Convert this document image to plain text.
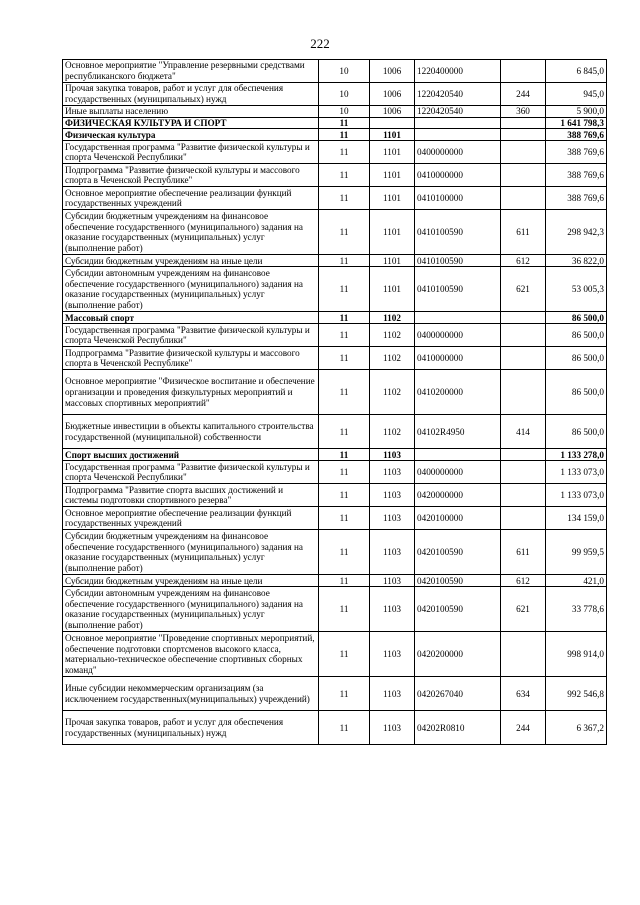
222
Основное мероприятие "Управление резервными средствами республиканского бюджета"	10	1006	1220400000		6 845,0
Прочая закупка товаров, работ и услуг для обеспечения государственных (муниципальных) нужд	10	1006	1220420540	244	945,0
Иные выплаты населению	10	1006	1220420540	360	5 900,0
ФИЗИЧЕСКАЯ КУЛЬТУРА И СПОРТ	11				1 641 798,3
Физическая культура	11	1101			388 769,6
Государственная программа "Развитие физической культуры и спорта Чеченской Республики"	11	1101	0400000000		388 769,6
Подпрограмма "Развитие физической культуры и массового спорта в Чеченской Республике"	11	1101	0410000000		388 769,6
Основное мероприятие обеспечение реализации функций государственных учреждений	11	1101	0410100000		388 769,6
Субсидии бюджетным учреждениям на финансовое обеспечение государственного (муниципального) задания на оказание государственных (муниципальных) услуг (выполнение работ)	11	1101	0410100590	611	298 942,3
Субсидии бюджетным учреждениям на иные цели	11	1101	0410100590	612	36 822,0
Субсидии автономным учреждениям на финансовое обеспечение государственного (муниципального) задания на оказание государственных (муниципальных) услуг (выполнение работ)	11	1101	0410100590	621	53 005,3
Массовый спорт	11	1102			86 500,0
Государственная программа "Развитие физической культуры и спорта Чеченской Республики"	11	1102	0400000000		86 500,0
Подпрограмма "Развитие физической культуры и массового спорта в Чеченской Республике"	11	1102	0410000000		86 500,0
Основное мероприятие "Физическое воспитание и обеспечение организации и проведения физкультурных мероприятий и массовых спортивных мероприятий"	11	1102	0410200000		86 500,0
Бюджетные инвестиции в объекты капитального строительства государственной (муниципальной) собственности	11	1102	04102R4950	414	86 500,0
Спорт высших достижений	11	1103			1 133 278,0
Государственная программа "Развитие физической культуры и спорта Чеченской Республики"	11	1103	0400000000		1 133 073,0
Подпрограмма "Развитие спорта высших достижений и системы подготовки спортивного резерва"	11	1103	0420000000		1 133 073,0
Основное мероприятие обеспечение реализации функций государственных учреждений	11	1103	0420100000		134 159,0
Субсидии бюджетным учреждениям на финансовое обеспечение государственного (муниципального) задания на оказание государственных (муниципальных) услуг (выполнение работ)	11	1103	0420100590	611	99 959,5
Субсидии бюджетным учреждениям на иные цели	11	1103	0420100590	612	421,0
Субсидии автономным учреждениям на финансовое обеспечение государственного (муниципального) задания на оказание государственных (муниципальных) услуг (выполнение работ)	11	1103	0420100590	621	33 778,6
Основное мероприятие "Проведение спортивных мероприятий, обеспечение подготовки спортсменов высокого класса, материально-техническое обеспечение спортивных сборных команд"	11	1103	0420200000		998 914,0
Иные субсидии некоммерческим организациям (за исключением государственных(муниципальных) учреждений)	11	1103	0420267040	634	992 546,8
Прочая закупка товаров, работ и услуг для обеспечения государственных (муниципальных) нужд	11	1103	04202R0810	244	6 367,2
